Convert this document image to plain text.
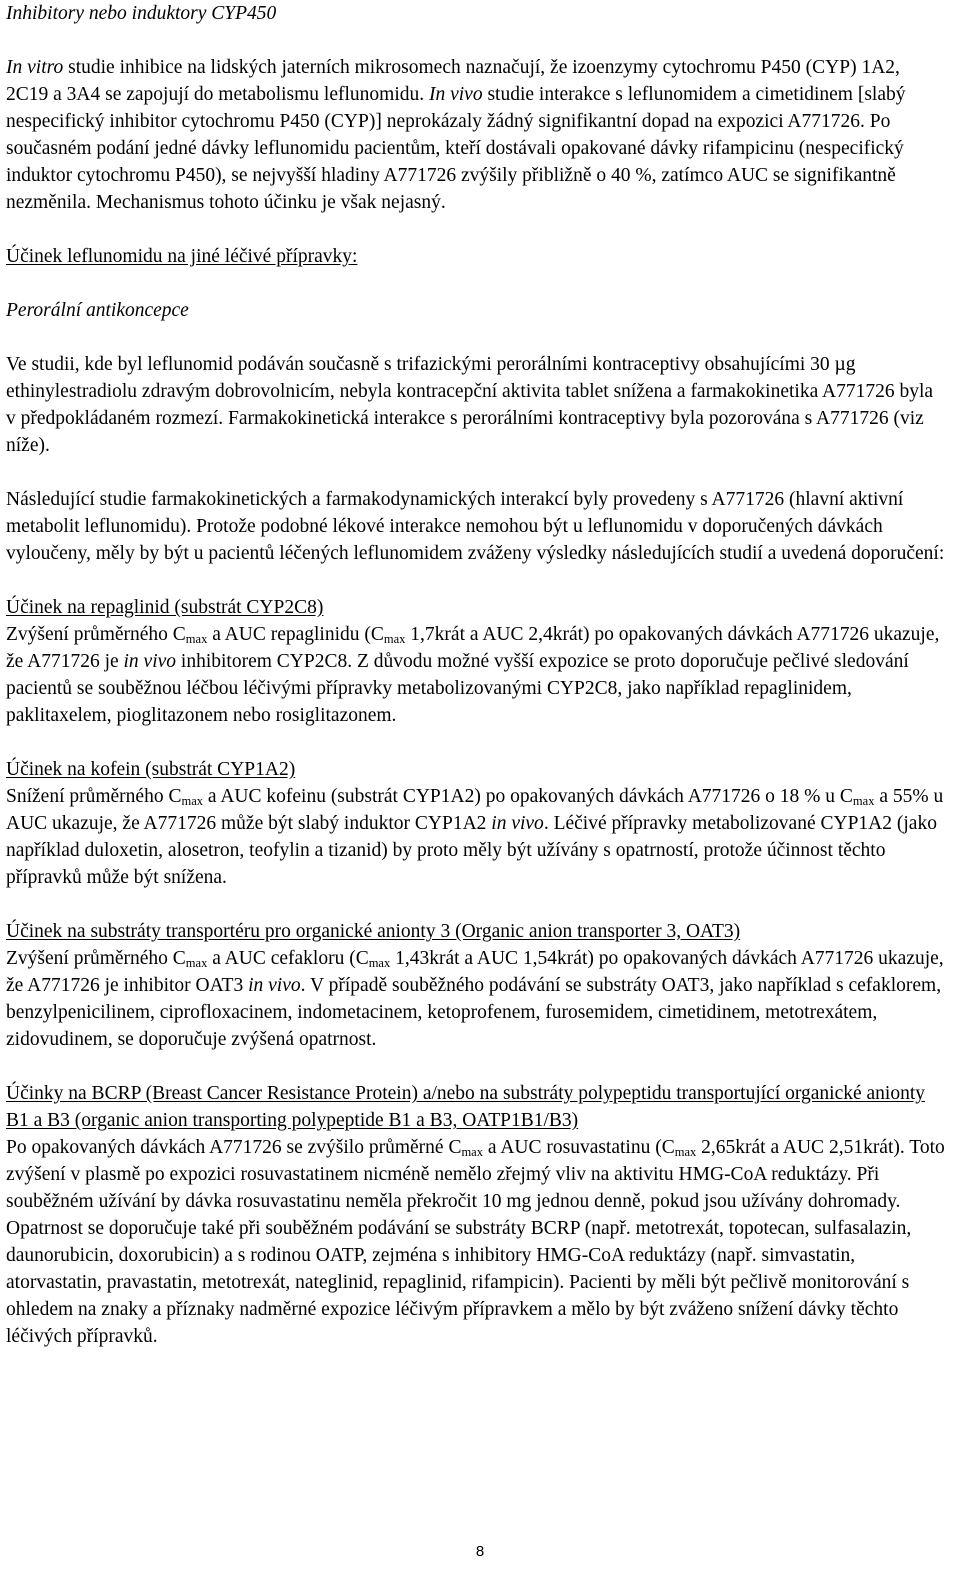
Inhibitory nebo induktory CYP450

In vitro studie inhibice na lidských jaterních mikrosomech naznačují, že izoenzymy cytochromu P450 (CYP) 1A2, 2C19 a 3A4 se zapojují do metabolismu leflunomidu. In vivo studie interakce s leflunomidem a cimetidinem [slabý nespecifický inhibitor cytochromu P450 (CYP)] neprokázaly žádný signifikantní dopad na expozici A771726. Po současném podání jedné dávky leflunomidu pacientům, kteří dostávali opakované dávky rifampicinu (nespecifický induktor cytochromu P450), se nejvyšší hladiny A771726 zvýšily přibližně o 40 %, zatímco AUC se signifikantně nezměnila. Mechanismus tohoto účinku je však nejasný.

Účinek leflunomidu na jiné léčivé přípravky:

Perorální antikoncepce

Ve studii, kde byl leflunomid podáván současně s trifazickými perorálními kontraceptivy obsahujícími 30 µg ethinylestradiolu zdravým dobrovolnicím, nebyla kontracepční aktivita tablet snížena a farmakokinetika A771726 byla v předpokládaném rozmezí. Farmakokinetická interakce s perorálními kontraceptivy byla pozorována s A771726 (viz níže).

Následující studie farmakokinetických a farmakodynamických interakcí byly provedeny s A771726 (hlavní aktivní metabolit leflunomidu). Protože podobné lékové interakce nemohou být u leflunomidu v doporučených dávkách vyloučeny, měly by být u pacientů léčených leflunomidem zváženy výsledky následujících studií a uvedená doporučení:

Účinek na repaglinid (substrát CYP2C8)

Zvýšení průměrného $C_{max}$ a AUC repaglinidu ($C_{max}$ 1,7krát a AUC 2,4krát) po opakovaných dávkách A771726 ukazuje, že A771726 je in vivo inhibitorem CYP2C8. Z důvodu možné vyšší expozice se proto doporučuje pečlivé sledování pacientů se souběžnou léčbou léčivými přípravky metabolizovanými CYP2C8, jako například repaglinidem, paklitaxelem, pioglitazonem nebo rosiglitazonem.

Účinek na kofein (substrát CYP1A2)

Snížení průměrného $C_{max}$ a AUC kofeinu (substrát CYP1A2) po opakovaných dávkách A771726 o 18 % u $C_{max}$ a 55% u AUC ukazuje, že A771726 může být slabý induktor CYP1A2 in vivo. Léčivé přípravky metabolizované CYP1A2 (jako například duloxetin, alosetron, teofylin a tizanid) by proto měly být užívány s opatrností, protože účinnost těchto přípravků může být snížena.

Účinek na substráty transportéru pro organické anionty 3 (Organic anion transporter 3, OAT3)

Zvýšení průměrného $C_{max}$ a AUC cefakloru ($C_{max}$ 1,43krát a AUC 1,54krát) po opakovaných dávkách A771726 ukazuje, že A771726 je inhibitor OAT3 in vivo. V případě souběžného podávání se substráty OAT3, jako například s cefaklorem, benzylpenicilinem, ciprofloxacinem, indometacinem, ketoprofenem, furosemidem, cimetidinem, metotrexátem, zidovudinem, se doporučuje zvýšená opatrnost.

Účinky na BCRP (Breast Cancer Resistance Protein) a/nebo na substráty polypeptidu transportující organické anionty B1 a B3 (organic anion transporting polypeptide B1 a B3, OATP1B1/B3)

Po opakovaných dávkách A771726 se zvýšilo průměrné $C_{max}$ a AUC rosuvastatinu ($C_{max}$ 2,65krát a AUC 2,51krát). Toto zvýšení v plasmě po expozici rosuvastatinem nicméně nemělo zřejmý vliv na aktivitu HMG-CoA reduktázy. Při souběžném užívání by dávka rosuvastatinu neměla překročit 10 mg jednou denně, pokud jsou užívány dohromady. Opatrnost se doporučuje také při souběžném podávání se substráty BCRP (např. metotrexát, topotecan, sulfasalazin, daunorubicin, doxorubicin) a s rodinou OATP, zejména s inhibitory HMG-CoA reduktázy (např. simvastatin, atorvastatin, pravastatin, metotrexát, nateglinid, repaglinid, rifampicin). Pacienti by měli být pečlivě monitorování s ohledem na znaky a příznaky nadměrné expozice léčivým přípravkem a mělo by být zváženo snížení dávky těchto léčivých přípravků.

8
